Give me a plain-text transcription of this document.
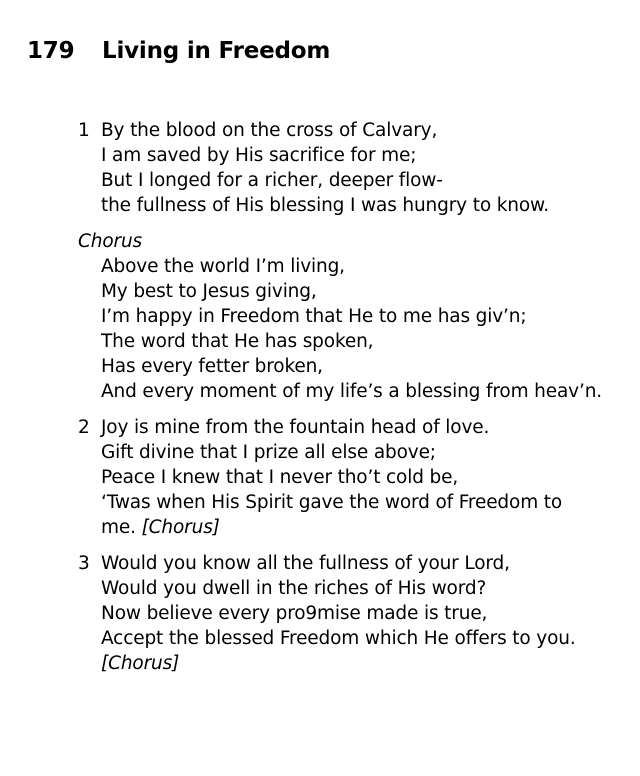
179 Living in Freedom
1 By the blood on the cross of Calvary,
I am saved by His sacrifice for me;
But I longed for a richer, deeper flow-
the fullness of His blessing I was hungry to know.
Chorus
Above the world I’m living,
My best to Jesus giving,
I’m happy in Freedom that He to me has giv’n;
The word that He has spoken,
Has every fetter broken,
And every moment of my life’s a blessing from heav’n.
2 Joy is mine from the fountain head of love.
Gift divine that I prize all else above;
Peace I knew that I never tho’t cold be,
‘Twas when His Spirit gave the word of Freedom to
me. [Chorus]
3 Would you know all the fullness of your Lord,
Would you dwell in the riches of His word?
Now believe every pro9mise made is true,
Accept the blessed Freedom which He offers to you.
[Chorus]
